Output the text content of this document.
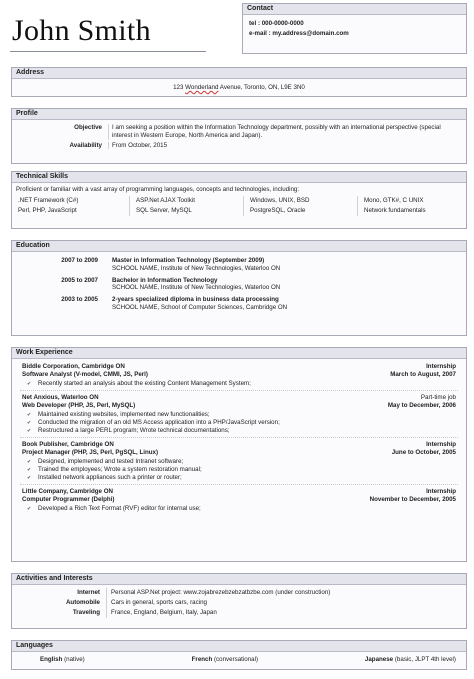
John Smith
Contact
tel : 000-0000-0000
e-mail : my.address@domain.com
Address
123 Wonderland Avenue, Toronto, ON, L9E 3N0
Profile
Objective	I am seeking a position within the Information Technology department, possibly with an international perspective (special interest in Western Europe, North America and Japan).
Availability	From October, 2015
Technical Skills
Proficient or familiar with a vast array of programming languages, concepts and technologies, including:
.NET Framework (C#)
Perl, PHP, JavaScript
ASP.Net AJAX Toolkit
SQL Server, MySQL
Windows, UNIX, BSD
PostgreSQL, Oracle
Mono, GTK#, C UNIX
Network fundamentals
Education
2007 to 2009	Master in Information Technology (September 2009)
SCHOOL NAME, Institute of New Technologies, Waterloo ON
2005 to 2007	Bachelor in Information Technology
SCHOOL NAME, Institute of New Technologies, Waterloo ON
2003 to 2005	2-years specialized diploma in business data processing
SCHOOL NAME, School of Computer Sciences, Cambridge ON
Work Experience
Biddle Corporation, Cambridge ON	Internship
Software Analyst (V-model, CMMI, JS, Perl)	March to August, 2007
✔ Recently started an analysis about the existing Content Management System;
Net Anxious, Waterloo ON	Part-time job
Web Developer (PHP, JS, Perl, MySQL)	May to December, 2006
✔ Maintained existing websites, implemented new functionalities;
✔ Conducted the migration of an old MS Access application into a PHP/JavaScript version;
✔ Restructured a large PERL program; Wrote technical documentations;
Book Publisher, Cambridge ON	Internship
Project Manager (PHP, JS, Perl, PgSQL, Linux)	June to October, 2005
✔ Designed, implemented and tested Intranet software;
✔ Trained the employees; Wrote a system restoration manual;
✔ Installed network appliances such a printer or router;
Little Company, Cambridge ON	Internship
Computer Programmer (Delphi)	November to December, 2005
✔ Developed a Rich Text Format (RVF) editor for internal use;
Activities and Interests
Internet	Personal ASP.Net project: www.zojabrezebzebzatbzbe.com (under construction)
Automobile	Cars in general, sports cars, racing
Traveling	France, England, Belgium, Italy, Japan
Languages
English (native)	French (conversational)	Japanese (basic, JLPT 4th level)
